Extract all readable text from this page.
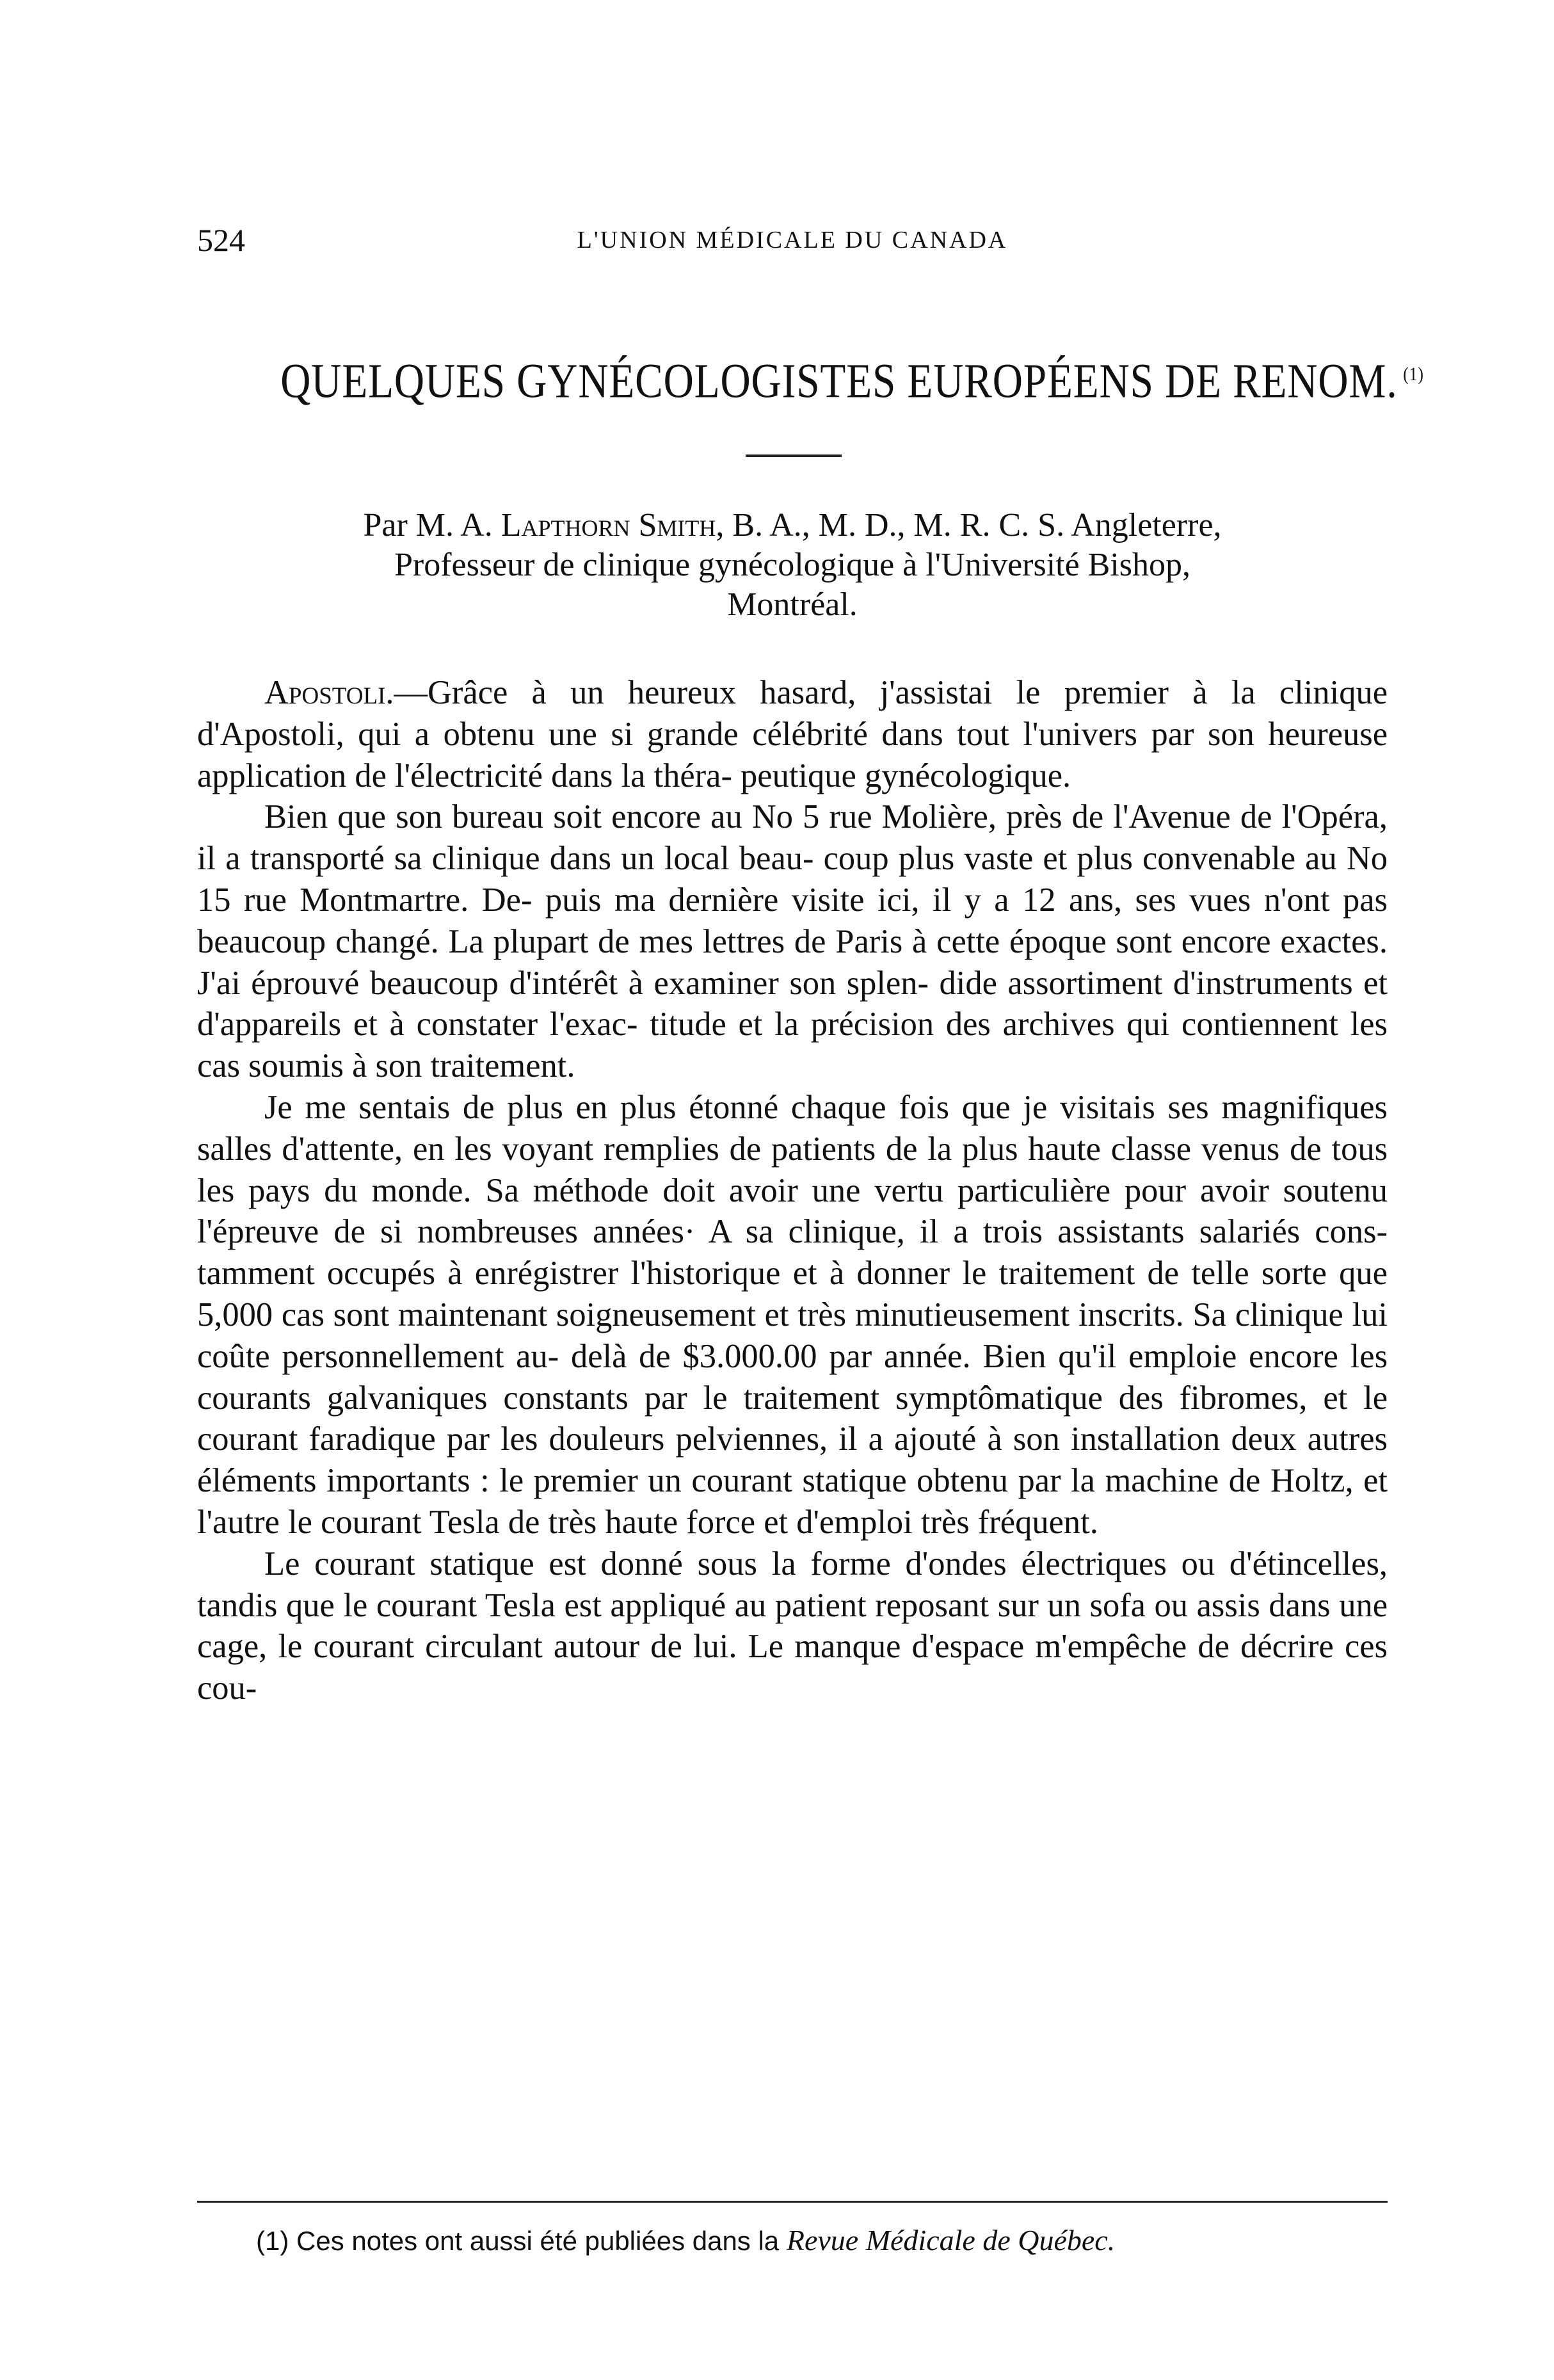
524	L'UNION MÉDICALE DU CANADA
QUELQUES GYNÉCOLOGISTES EUROPÉENS DE RENOM. $^{(1)}$
Par M. A. Lapthorn Smith, B. A., M. D., M. R. C. S. Angleterre,
Professeur de clinique gynécologique à l'Université Bishop,
Montréal.

Apostoli.—Grâce à un heureux hasard, j'assistai le premier à la clinique d'Apostoli, qui a obtenu une si grande célébrité dans tout l'univers par son heureuse application de l'électricité dans la théra- peutique gynécologique.

Bien que son bureau soit encore au No 5 rue Molière, près de l'Avenue de l'Opéra, il a transporté sa clinique dans un local beau- coup plus vaste et plus convenable au No 15 rue Montmartre. De- puis ma dernière visite ici, il y a 12 ans, ses vues n'ont pas beaucoup changé. La plupart de mes lettres de Paris à cette époque sont encore exactes. J'ai éprouvé beaucoup d'intérêt à examiner son splen- dide assortiment d'instruments et d'appareils et à constater l'exac- titude et la précision des archives qui contiennent les cas soumis à son traitement.

Je me sentais de plus en plus étonné chaque fois que je visitais ses magnifiques salles d'attente, en les voyant remplies de patients de la plus haute classe venus de tous les pays du monde. Sa méthode doit avoir une vertu particulière pour avoir soutenu l'épreuve de si nombreuses années· A sa clinique, il a trois assistants salariés cons- tamment occupés à enrégistrer l'historique et à donner le traitement de telle sorte que 5,000 cas sont maintenant soigneusement et très minutieusement inscrits. Sa clinique lui coûte personnellement au- delà de $3.000.00 par année. Bien qu'il emploie encore les courants galvaniques constants par le traitement symptômatique des fibromes, et le courant faradique par les douleurs pelviennes, il a ajouté à son installation deux autres éléments importants : le premier un courant statique obtenu par la machine de Holtz, et l'autre le courant Tesla de très haute force et d'emploi très fréquent.

Le courant statique est donné sous la forme d'ondes électriques ou d'étincelles, tandis que le courant Tesla est appliqué au patient reposant sur un sofa ou assis dans une cage, le courant circulant autour de lui. Le manque d'espace m'empêche de décrire ces cou-

(1) Ces notes ont aussi été publiées dans la Revue Médicale de Québec.
